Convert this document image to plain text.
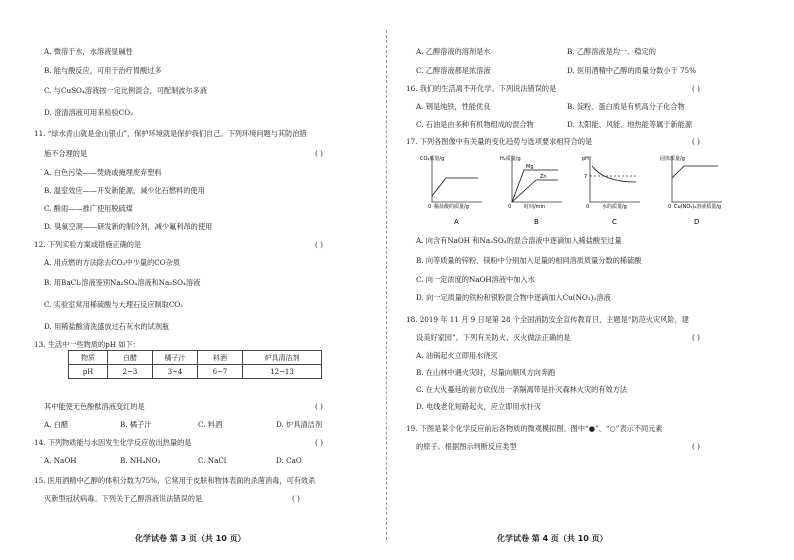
A. 微溶于水，水溶液显碱性
B. 能与酸反应，可用于治疗胃酸过多
C. 与CuSO₄溶液按一定比例混合，可配制波尔多液
D. 澄清溶液可用来检验CO₂
11. “绿水青山就是金山银山”，保护环境就是保护我们自己。下列环境问题与其防治措
施不合理的是	( )
A. 白色污染——焚烧或掩埋废弃塑料
B. 温室效应——开发新能源，减少化石燃料的使用
C. 酸雨——推广使用脱硫煤
D. 臭氧空洞——研发新的制冷剂，减少氟利昂的使用
12. 下列实验方案或措施正确的是	( )
A. 用点燃的方法除去CO₂中少量的CO杂质
B. 用BaCl₂溶液鉴别Na₂SO₄溶液和Na₂SO₄溶液
C. 实验室常用稀硫酸与大理石反应制取CO₂
D. 用稀盐酸清洗盛放过石灰水的试剂瓶
13. 生活中一些物质的pH 如下：
物质	白醋	橘子汁	料酒	炉具清洁剂
pH	2~3	3~4	6~7	12~13
其中能使无色酚酞溶液变红的是	( )
A. 白醋	B. 橘子汁	C. 料酒	D. 炉具清洁剂
14. 下列物质能与水因发生化学反应放出热量的是	( )
A. NaOH	B. NH₄NO₃	C. NaCl	D. CaO
15. 医用酒精中乙醇的体积分数为75%，它常用于皮肤和物体表面的杀菌消毒，可有效杀
灭新型冠状病毒。下列关于乙醇溶液说法错误的是	( )
化学试卷 第 3 页（共 10 页）
A. 乙醇溶液的溶剂是水	B. 乙醇溶液是均一、稳定的
C. 乙醇溶液都是浓溶液	D. 医用酒精中乙醇的质量分数小于 75%
16. 我们的生活离不开化学。下列说法错误的是	( )
A. 钢是纯铁，性能优良	B. 淀粉、蛋白质是有机高分子化合物
C. 石油是由多种有机物组成的混合物	D. 太阳能、风能、地热能等属于新能源
17. 下列各图像中有关量的变化趋势与选项要求相符合的是	( )
CO₂质量/g
稀盐酸的质量/g
0
H₂质量/g
时间/min
0
Mg
Zn
pH
7
水的质量/g
0
固体质量/g
Cu(NO₃)₂溶液质量/g
0
A	B	C	D
A. 向含有NaOH 和Na₂SO₄的混合溶液中逐滴加入稀盐酸至过量
B. 向等质量的锌粉、镁粉中分别加入足量的相同溶质质量分数的稀硫酸
C. 向一定浓度的NaOH溶液中加入水
D. 向一定质量的铁粉和银粉混合物中逐滴加入Cu(NO₃)₂溶液
18. 2019 年 11 月 9 日是第 28 个全国消防安全宣传教育日，主题是“防范火灾风险，建
设美好家园”。下列有关防火、灭火做法正确的是	( )
A. 油锅起火立即用水浇灭
B. 在山林中遇火灾时，尽量向顺风方向奔跑
C. 在大火蔓延的前方砍伐出一条隔离带是扑灭森林火灾的有效方法
D. 电线老化短路起火，应立即用水扑灭
19. 下图是某个化学反应前后各物质的微观模拟图。图中“●”、“○”表示不同元素
的原子。根据图示判断反应类型	( )
化学试卷 第 4 页（共 10 页）
